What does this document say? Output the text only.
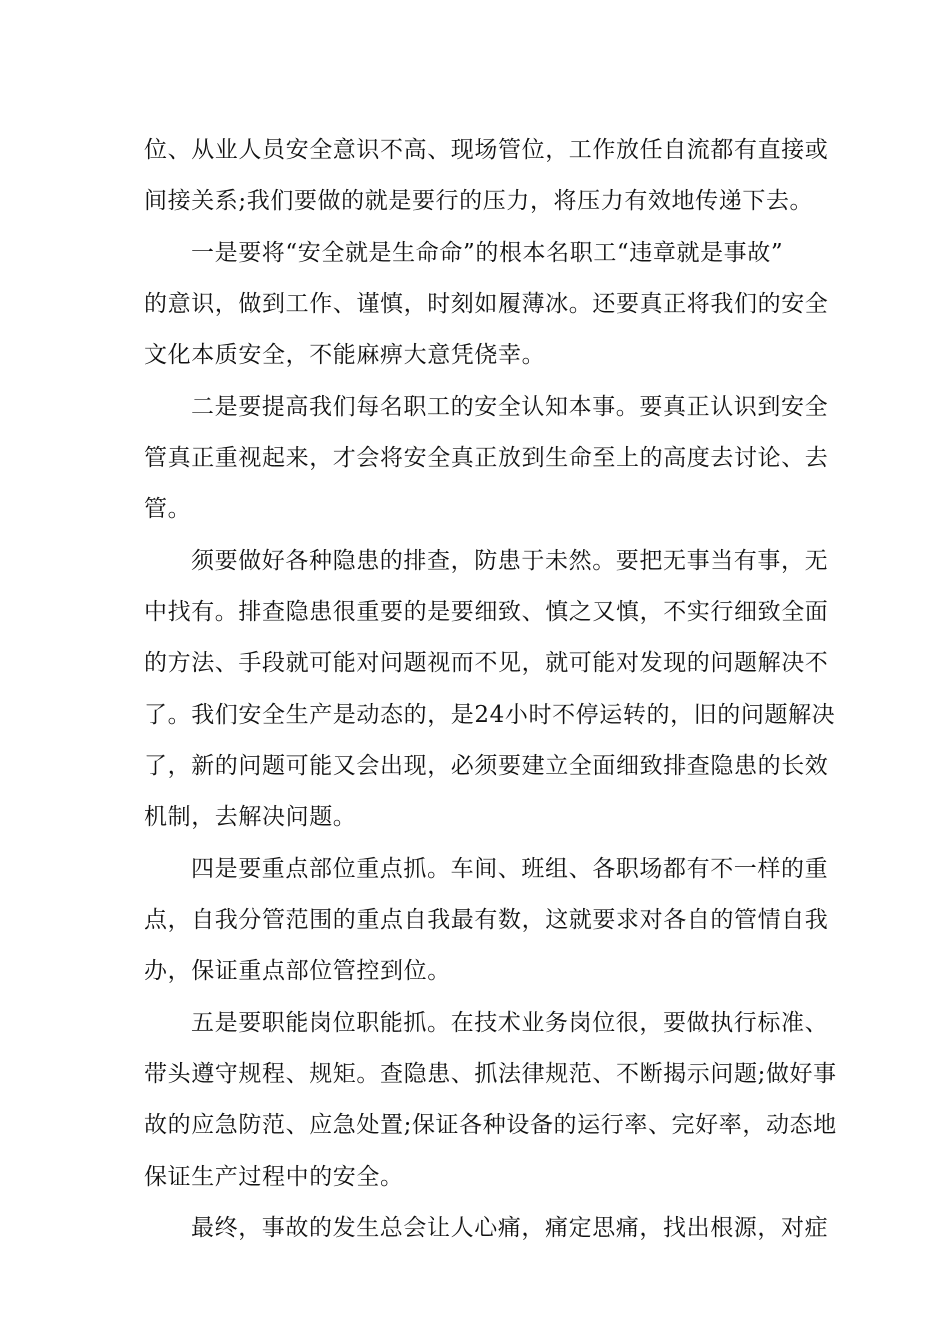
位、从业人员安全意识不高、现场管位，工作放任自流都有直接或
间接关系;我们要做的就是要行的压力，将压力有效地传递下去。
一是要将“安全就是生命命”的根本名职工“违章就是事故”
的意识，做到工作、谨慎，时刻如履薄冰。还要真正将我们的安全
文化本质安全，不能麻痹大意凭侥幸。
二是要提高我们每名职工的安全认知本事。要真正认识到安全
管真正重视起来，才会将安全真正放到生命至上的高度去讨论、去
管。
须要做好各种隐患的排查，防患于未然。要把无事当有事，无
中找有。排查隐患很重要的是要细致、慎之又慎，不实行细致全面
的方法、手段就可能对问题视而不见，就可能对发现的问题解决不
了。我们安全生产是动态的，是24小时不停运转的，旧的问题解决
了，新的问题可能又会出现，必须要建立全面细致排查隐患的长效
机制，去解决问题。
四是要重点部位重点抓。车间、班组、各职场都有不一样的重
点，自我分管范围的重点自我最有数，这就要求对各自的管情自我
办，保证重点部位管控到位。
五是要职能岗位职能抓。在技术业务岗位很，要做执行标准、
带头遵守规程、规矩。查隐患、抓法律规范、不断揭示问题;做好事
故的应急防范、应急处置;保证各种设备的运行率、完好率，动态地
保证生产过程中的安全。
最终，事故的发生总会让人心痛，痛定思痛，找出根源，对症
